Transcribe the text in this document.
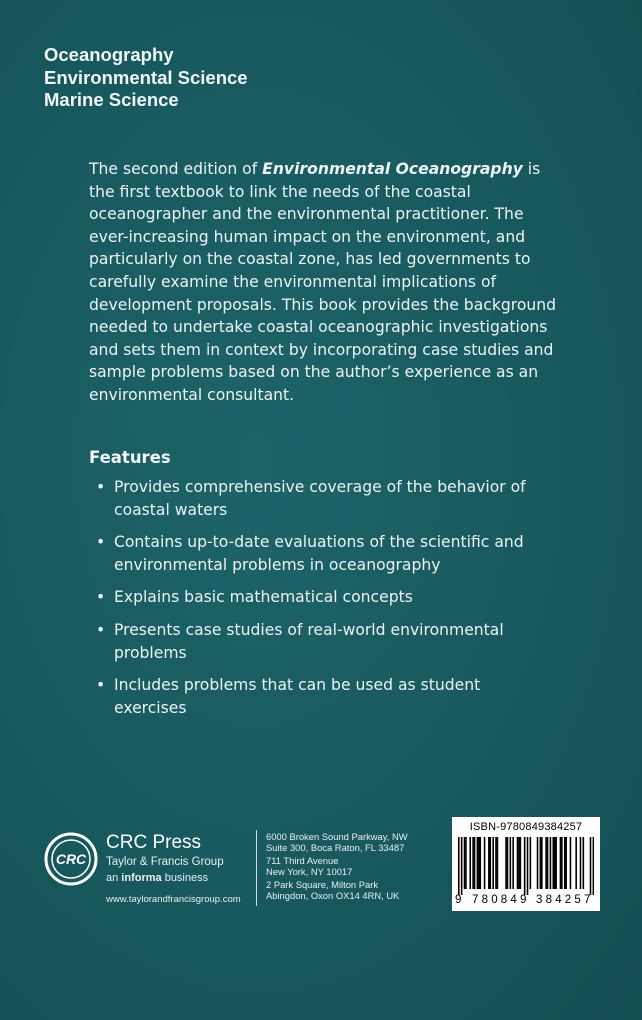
Oceanography
Environmental Science
Marine Science

The second edition of Environmental Oceanography is the first textbook to link the needs of the coastal oceanographer and the environmental practitioner. The ever-increasing human impact on the environment, and particularly on the coastal zone, has led governments to carefully examine the environmental implications of development proposals. This book provides the background needed to undertake coastal oceanographic investigations and sets them in context by incorporating case studies and sample problems based on the author’s experience as an environmental consultant.

Features
• Provides comprehensive coverage of the behavior of coastal waters
• Contains up-to-date evaluations of the scientific and environmental problems in oceanography
• Explains basic mathematical concepts
• Presents case studies of real-world environmental problems
• Includes problems that can be used as student exercises
CRC
CRC Press
Taylor & Francis Group
an informa business
www.taylorandfrancisgroup.com
6000 Broken Sound Parkway, NW
Suite 300, Boca Raton, FL 33487
711 Third Avenue
New York, NY 10017
2 Park Square, Milton Park
Abingdon, Oxon OX14 4RN, UK
ISBN-9780849384257
9 780849 384257
